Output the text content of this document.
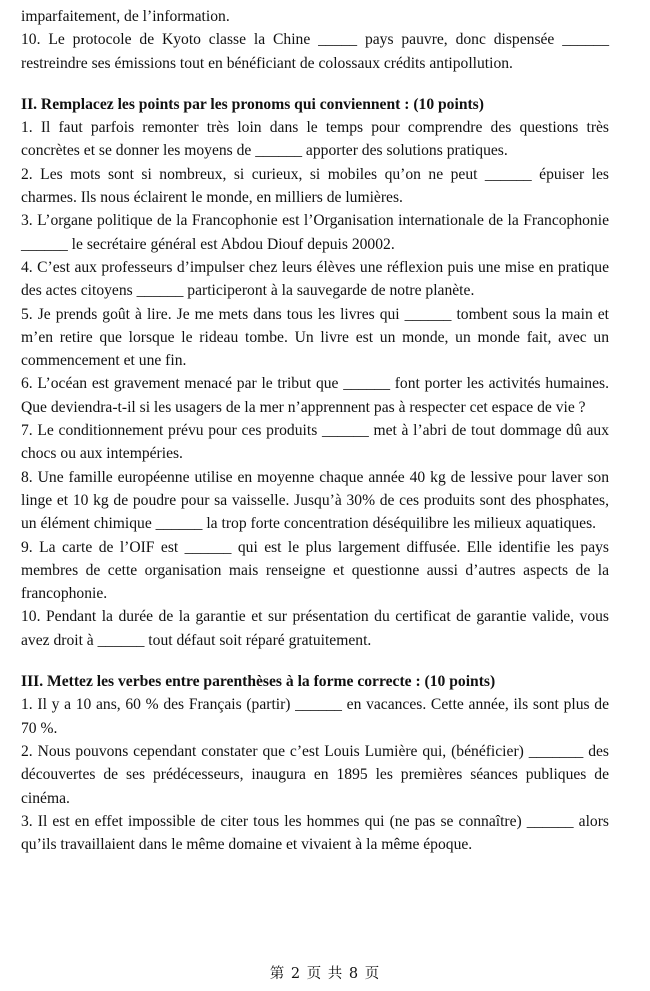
imparfaitement, de l’information.

10. Le protocole de Kyoto classe la Chine _____ pays pauvre, donc dispensée ______ restreindre ses émissions tout en bénéficiant de colossaux crédits antipollution.

II. Remplacez les points par les pronoms qui conviennent : (10 points)

1. Il faut parfois remonter très loin dans le temps pour comprendre des questions très concrètes et se donner les moyens de ______ apporter des solutions pratiques.

2. Les mots sont si nombreux, si curieux, si mobiles qu’on ne peut ______ épuiser les charmes. Ils nous éclairent le monde, en milliers de lumières.

3. L’organe politique de la Francophonie est l’Organisation internationale de la Francophonie ______ le secrétaire général est Abdou Diouf depuis 20002.

4. C’est aux professeurs d’impulser chez leurs élèves une réflexion puis une mise en pratique des actes citoyens ______ participeront à la sauvegarde de notre planète.

5. Je prends goût à lire. Je me mets dans tous les livres qui ______ tombent sous la main et m’en retire que lorsque le rideau tombe. Un livre est un monde, un monde fait, avec un commencement et une fin.

6. L’océan est gravement menacé par le tribut que ______ font porter les activités humaines. Que deviendra-t-il si les usagers de la mer n’apprennent pas à respecter cet espace de vie ?

7. Le conditionnement prévu pour ces produits ______ met à l’abri de tout dommage dû aux chocs ou aux intempéries.

8. Une famille européenne utilise en moyenne chaque année 40 kg de lessive pour laver son linge et 10 kg de poudre pour sa vaisselle. Jusqu’à 30% de ces produits sont des phosphates, un élément chimique ______ la trop forte concentration déséquilibre les milieux aquatiques.

9. La carte de l’OIF est ______ qui est le plus largement diffusée. Elle identifie les pays membres de cette organisation mais renseigne et questionne aussi d’autres aspects de la francophonie.

10. Pendant la durée de la garantie et sur présentation du certificat de garantie valide, vous avez droit à ______ tout défaut soit réparé gratuitement.

III. Mettez les verbes entre parenthèses à la forme correcte : (10 points)

1. Il y a 10 ans, 60 % des Français (partir) ______ en vacances. Cette année, ils sont plus de 70 %.

2. Nous pouvons cependant constater que c’est Louis Lumière qui, (bénéficier) _______ des découvertes de ses prédécesseurs, inaugura en 1895 les premières séances publiques de cinéma.

3. Il est en effet impossible de citer tous les hommes qui (ne pas se connaître) ______ alors qu’ils travaillaient dans le même domaine et vivaient à la même époque.

第 2 页 共 8 页
